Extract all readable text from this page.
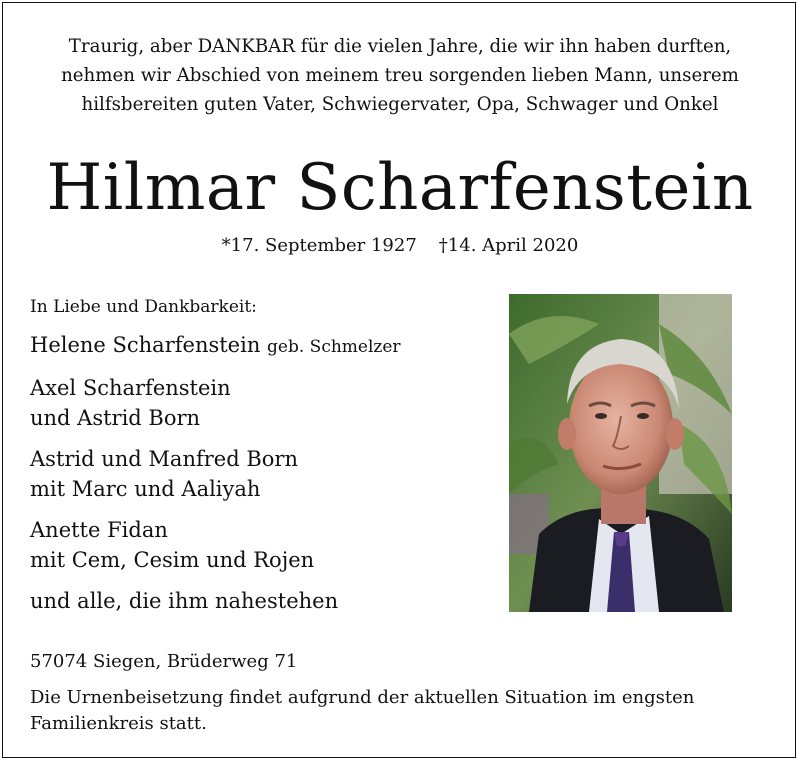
Traurig, aber DANKBAR für die vielen Jahre, die wir ihn haben durften,
nehmen wir Abschied von meinem treu sorgenden lieben Mann, unserem
hilfsbereiten guten Vater, Schwiegervater, Opa, Schwager und Onkel
Hilmar Scharfenstein
*17. September 1927 †14. April 2020
In Liebe und Dankbarkeit:
Helene Scharfenstein geb. Schmelzer
Axel Scharfenstein
und Astrid Born
Astrid und Manfred Born
mit Marc und Aaliyah
Anette Fidan
mit Cem, Cesim und Rojen
und alle, die ihm nahestehen
57074 Siegen, Brüderweg 71
Die Urnenbeisetzung findet aufgrund der aktuellen Situation im engsten Familienkreis statt.
